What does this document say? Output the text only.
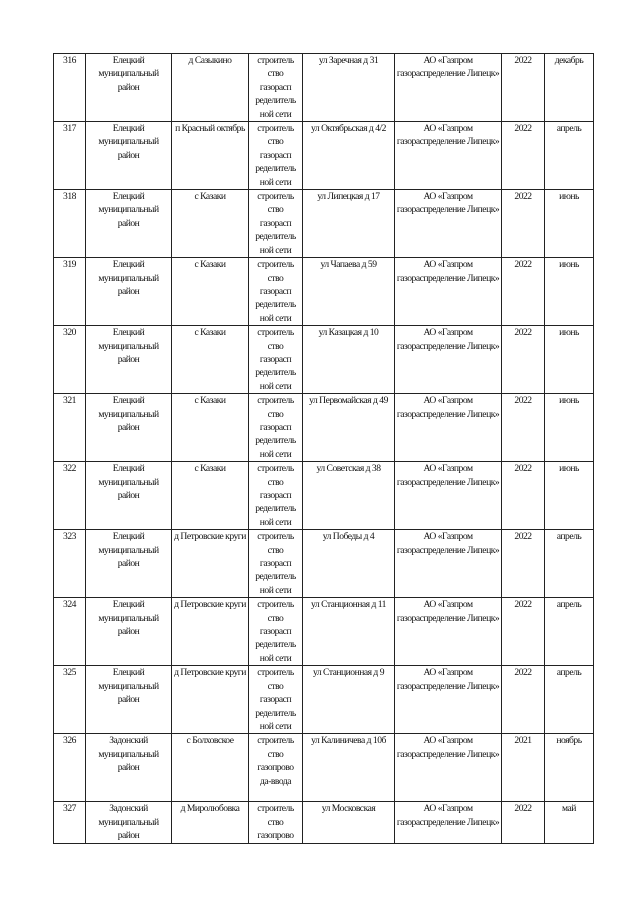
316	Елецкий муниципальный район	д Сазыкино	строитель
ство
газорасп
ределитель
ной сети	ул Заречная д 31	АО «Газпром газораспределение Липецк»	2022	декабрь
317	Елецкий муниципальный район	п Красный октябрь	строитель
ство
газорасп
ределитель
ной сети	ул Октябрьская д 4/2	АО «Газпром газораспределение Липецк»	2022	апрель
318	Елецкий муниципальный район	с Казаки	строитель
ство
газорасп
ределитель
ной сети	ул Липецкая д 17	АО «Газпром газораспределение Липецк»	2022	июнь
319	Елецкий муниципальный район	с Казаки	строитель
ство
газорасп
ределитель
ной сети	ул Чапаева д 59	АО «Газпром газораспределение Липецк»	2022	июнь
320	Елецкий муниципальный район	с Казаки	строитель
ство
газорасп
ределитель
ной сети	ул Казацкая д 10	АО «Газпром газораспределение Липецк»	2022	июнь
321	Елецкий муниципальный район	с Казаки	строитель
ство
газорасп
ределитель
ной сети	ул Первомайская д 49	АО «Газпром газораспределение Липецк»	2022	июнь
322	Елецкий муниципальный район	с Казаки	строитель
ство
газорасп
ределитель
ной сети	ул Советская д 38	АО «Газпром газораспределение Липецк»	2022	июнь
323	Елецкий муниципальный район	д Петровские круги	строитель
ство
газорасп
ределитель
ной сети	ул Победы д 4	АО «Газпром газораспределение Липецк»	2022	апрель
324	Елецкий муниципальный район	д Петровские круги	строитель
ство
газорасп
ределитель
ной сети	ул Станционная д 11	АО «Газпром газораспределение Липецк»	2022	апрель
325	Елецкий муниципальный район	д Петровские круги	строитель
ство
газорасп
ределитель
ной сети	ул Станционная д 9	АО «Газпром газораспределение Липецк»	2022	апрель
326	Задонский муниципальный район	с Болховское	строитель
ство
газопрово
да-ввода	ул Калиничева д 10б	АО «Газпром газораспределение Липецк»	2021	ноябрь
327	Задонский муниципальный район	д Миролюбовка	строитель
ство
газопрово	ул Московская	АО «Газпром газораспределение Липецк»	2022	май
